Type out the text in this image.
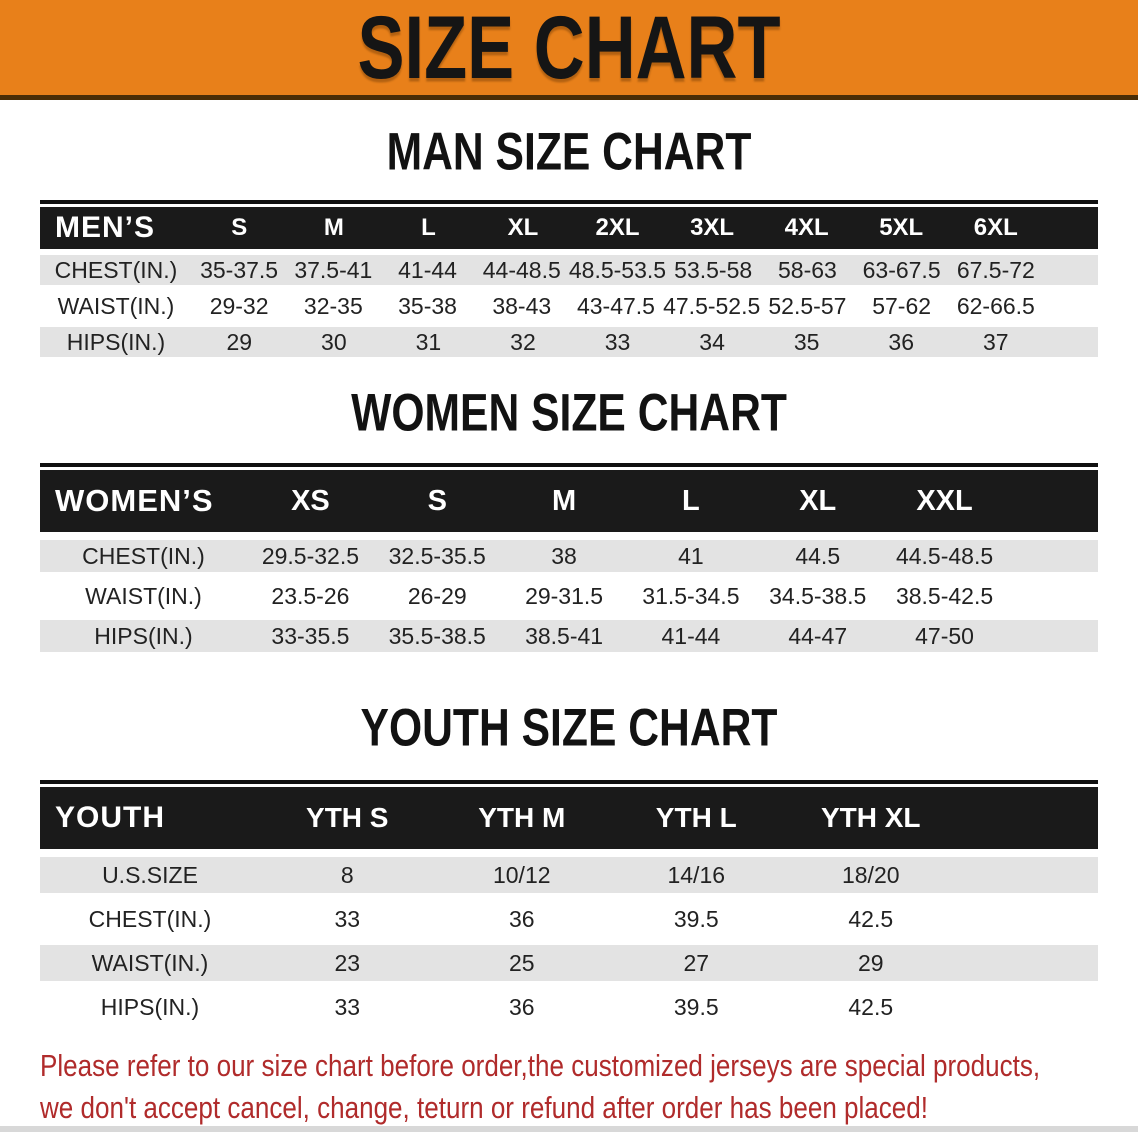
SIZE CHART
MAN SIZE CHART
MEN’S	S	M	L	XL	2XL	3XL	4XL	5XL	6XL
CHEST(IN.) 35-37.5 37.5-41	41-44	44-48.5 48.5-53.5 53.5-58	58-63	63-67.5 67.5-72
WAIST(IN.)	29-32	32-35	35-38	38-43	43-47.5 47.5-52.5 52.5-57	57-62	62-66.5
HIPS(IN.)	29	30	31	32	33	34	35	36	37
WOMEN SIZE CHART
WOMEN’S	XS	S	M	L	XL	XXL
CHEST(IN.)	29.5-32.5	32.5-35.5	38	41	44.5	44.5-48.5
WAIST(IN.)	23.5-26	26-29	29-31.5	31.5-34.5	34.5-38.5	38.5-42.5
HIPS(IN.)	33-35.5	35.5-38.5	38.5-41	41-44	44-47	47-50
YOUTH SIZE CHART
YOUTH	YTH S	YTH M	YTH L	YTH XL
U.S.SIZE	8	10/12	14/16	18/20
CHEST(IN.)	33	36	39.5	42.5
WAIST(IN.)	23	25	27	29
HIPS(IN.)	33	36	39.5	42.5

Please refer to our size chart before order,the customized jerseys are special products,

we don't accept cancel, change, teturn or refund after order has been placed!
